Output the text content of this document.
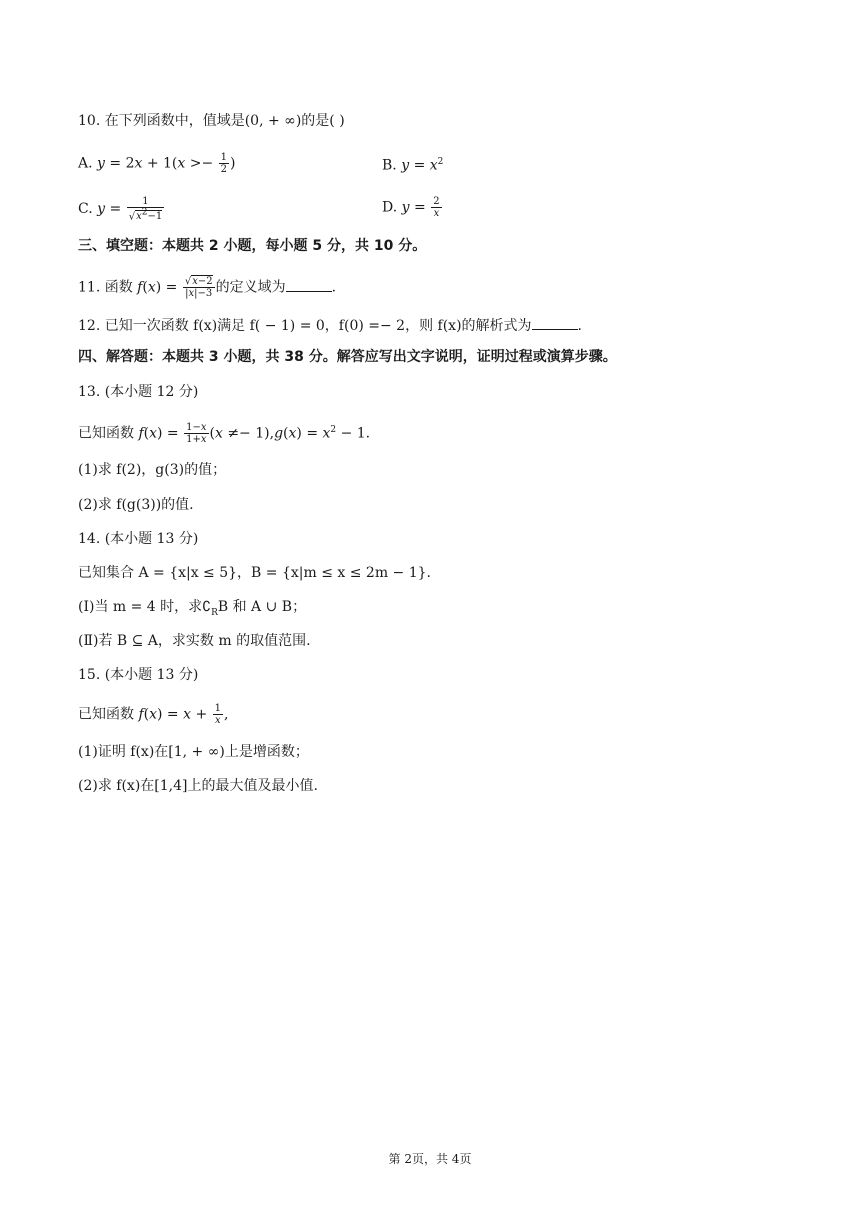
10. 在下列函数中，值域是(0, + ∞)的是( )
A. $y = 2x + 1(x >- \frac{1}{2}$ )	B. $y = x^2$
C. $y = \frac{1}{√x^2-1}$	D. $y = \frac{2}{x}$
三、填空题：本题共 2 小题，每小题 5 分，共 10 分。
11. 函数 $f(x) = \frac{√x-2}{|x|-3}$ 的定义域为	.
12. 已知一次函数 f(x)满足 f( − 1) = 0，f(0) =− 2，则 f(x)的解析式为	.
四、解答题：本题共 3 小题，共 38 分。解答应写出文字说明，证明过程或演算步骤。
13. (本小题 12 分)
已知函数 $f(x) = \frac{1-x}{1+x} (x \ne- 1),g(x) = x^2 - 1$.
(1)求 f(2)，g(3)的值；
(2)求 f(g(3))的值.
14. (本小题 13 分)
已知集合 A = {x|x ≤ 5}，B = {x|m ≤ x ≤ 2m − 1}.
(Ⅰ)当 m = 4 时，求$∁_RB$ 和 A ∪ B；
(Ⅱ)若 B ⊆ A，求实数 m 的取值范围.
15. (本小题 13 分)
已知函数 $f(x) = x + \frac{1}{x}$ ,
(1)证明 f(x)在[1, + ∞)上是增函数；
(2)求 f(x)在[1,4]上的最大值及最小值.
第 2页，共 4页
